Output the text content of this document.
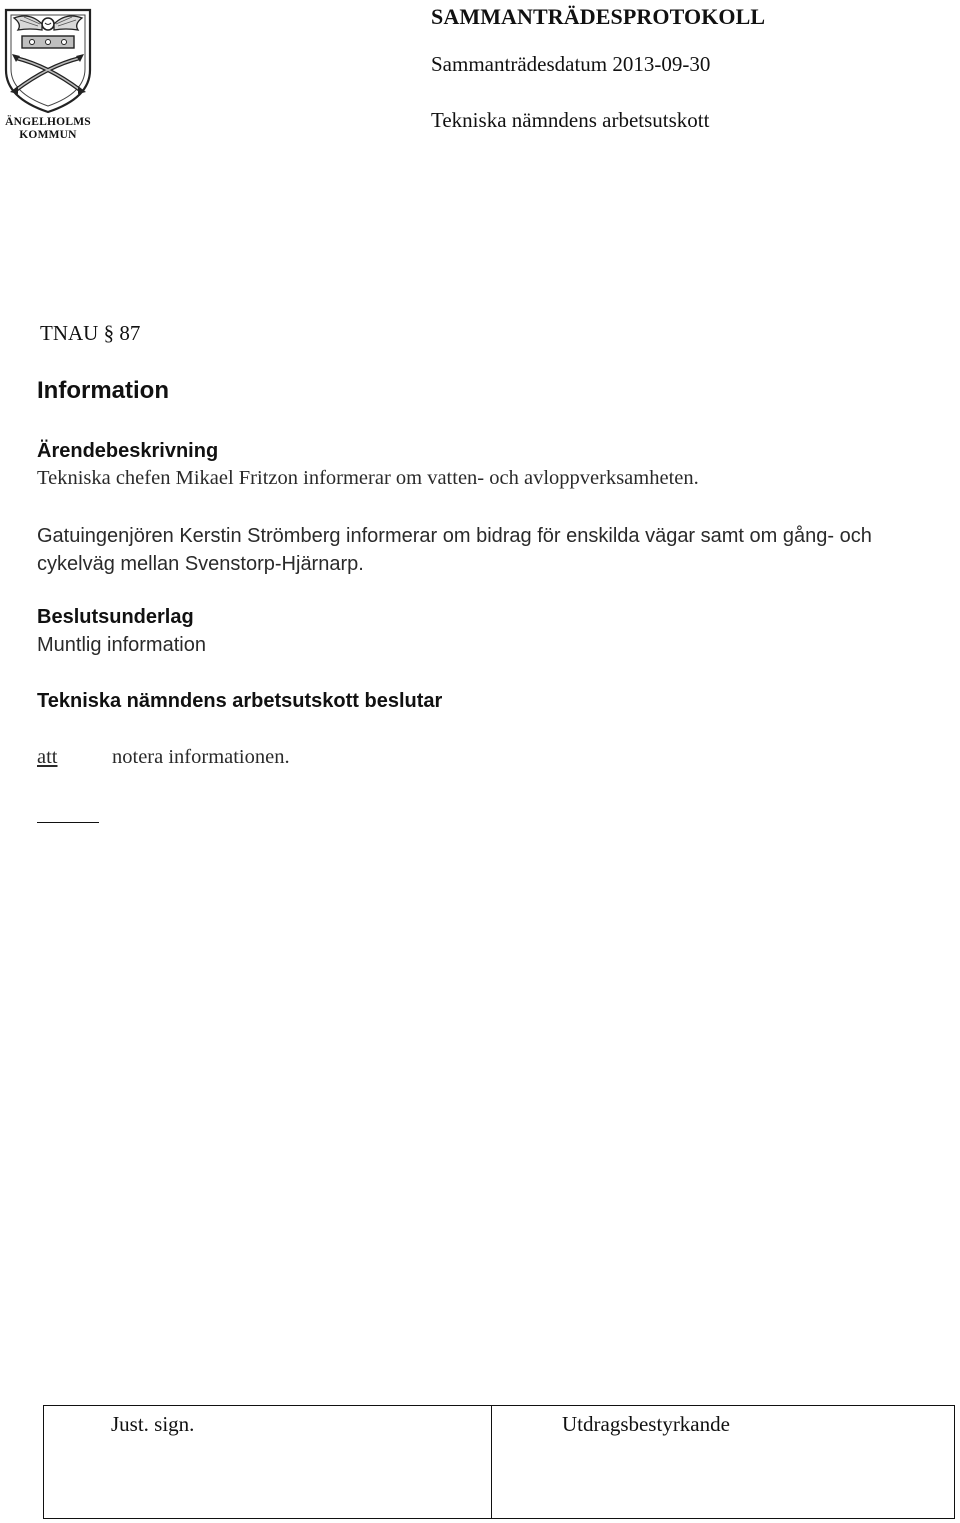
ÄNGELHOLMS
KOMMUN
SAMMANTRÄDESPROTOKOLL
Sammanträdesdatum 2013-09-30
Tekniska nämndens arbetsutskott
TNAU § 87
Information
Ärendebeskrivning
Tekniska chefen Mikael Fritzon informerar om vatten- och avloppverksamheten.
Gatuingenjören Kerstin Strömberg informerar om bidrag för enskilda vägar samt om gång- och cykelväg mellan Svenstorp-Hjärnarp.
Beslutsunderlag
Muntlig information
Tekniska nämndens arbetsutskott beslutar
att	notera informationen.
Just. sign.	Utdragsbestyrkande
